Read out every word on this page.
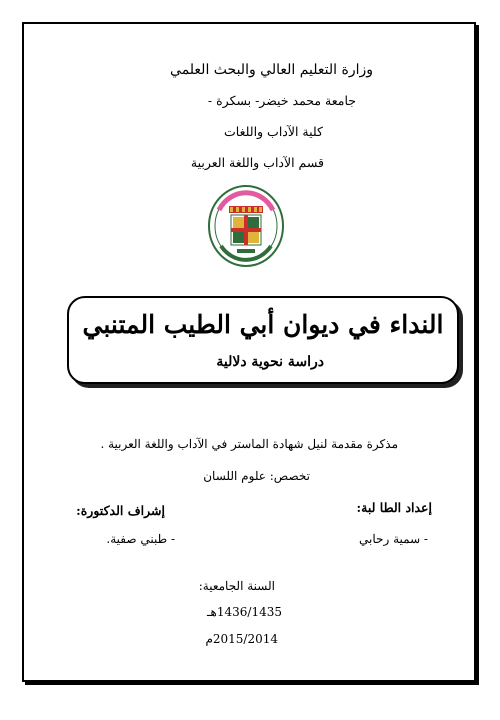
وزارة التعليم العالي والبحث العلمي
جامعة محمد خيضر- بسكرة -
كلية الآداب واللغات
قسم الآداب واللغة العربية
النداء في ديوان أبي الطيب المتنبي
دراسة نحوية دلالية
مذكرة مقدمة لنيل شهادة الماستر في الآداب واللغة العربية .
تخصص: علوم اللسان
إعداد الطا لبة:
إشراف الدكتورة:
- سمية رحابي
- طبني صفية.
السنة الجامعية:
1436/1435هـ
2015/2014م
